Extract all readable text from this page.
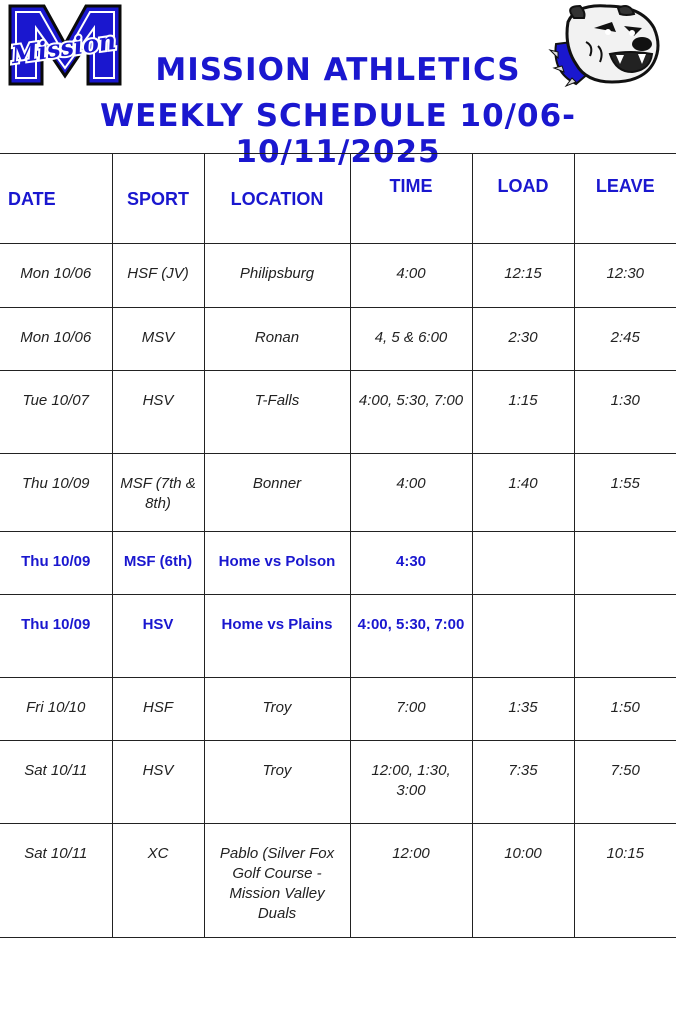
Mission
MISSION ATHLETICS
WEEKLY SCHEDULE 10/06-10/11/2025
DATE	SPORT	LOCATION	TIME	LOAD	LEAVE
Mon 10/06	HSF (JV)	Philipsburg	4:00	12:15	12:30
Mon 10/06	MSV	Ronan	4, 5 & 6:00	2:30	2:45
Tue 10/07	HSV	T-Falls	4:00, 5:30, 7:00	1:15	1:30
Thu 10/09	MSF (7th & 8th)	Bonner	4:00	1:40	1:55
Thu 10/09	MSF (6th)	Home vs Polson	4:30		
Thu 10/09	HSV	Home vs Plains	4:00, 5:30, 7:00		
Fri 10/10	HSF	Troy	7:00	1:35	1:50
Sat 10/11	HSV	Troy	12:00, 1:30, 3:00	7:35	7:50
Sat 10/11	XC	Pablo (Silver Fox Golf Course - Mission Valley Duals	12:00	10:00	10:15
